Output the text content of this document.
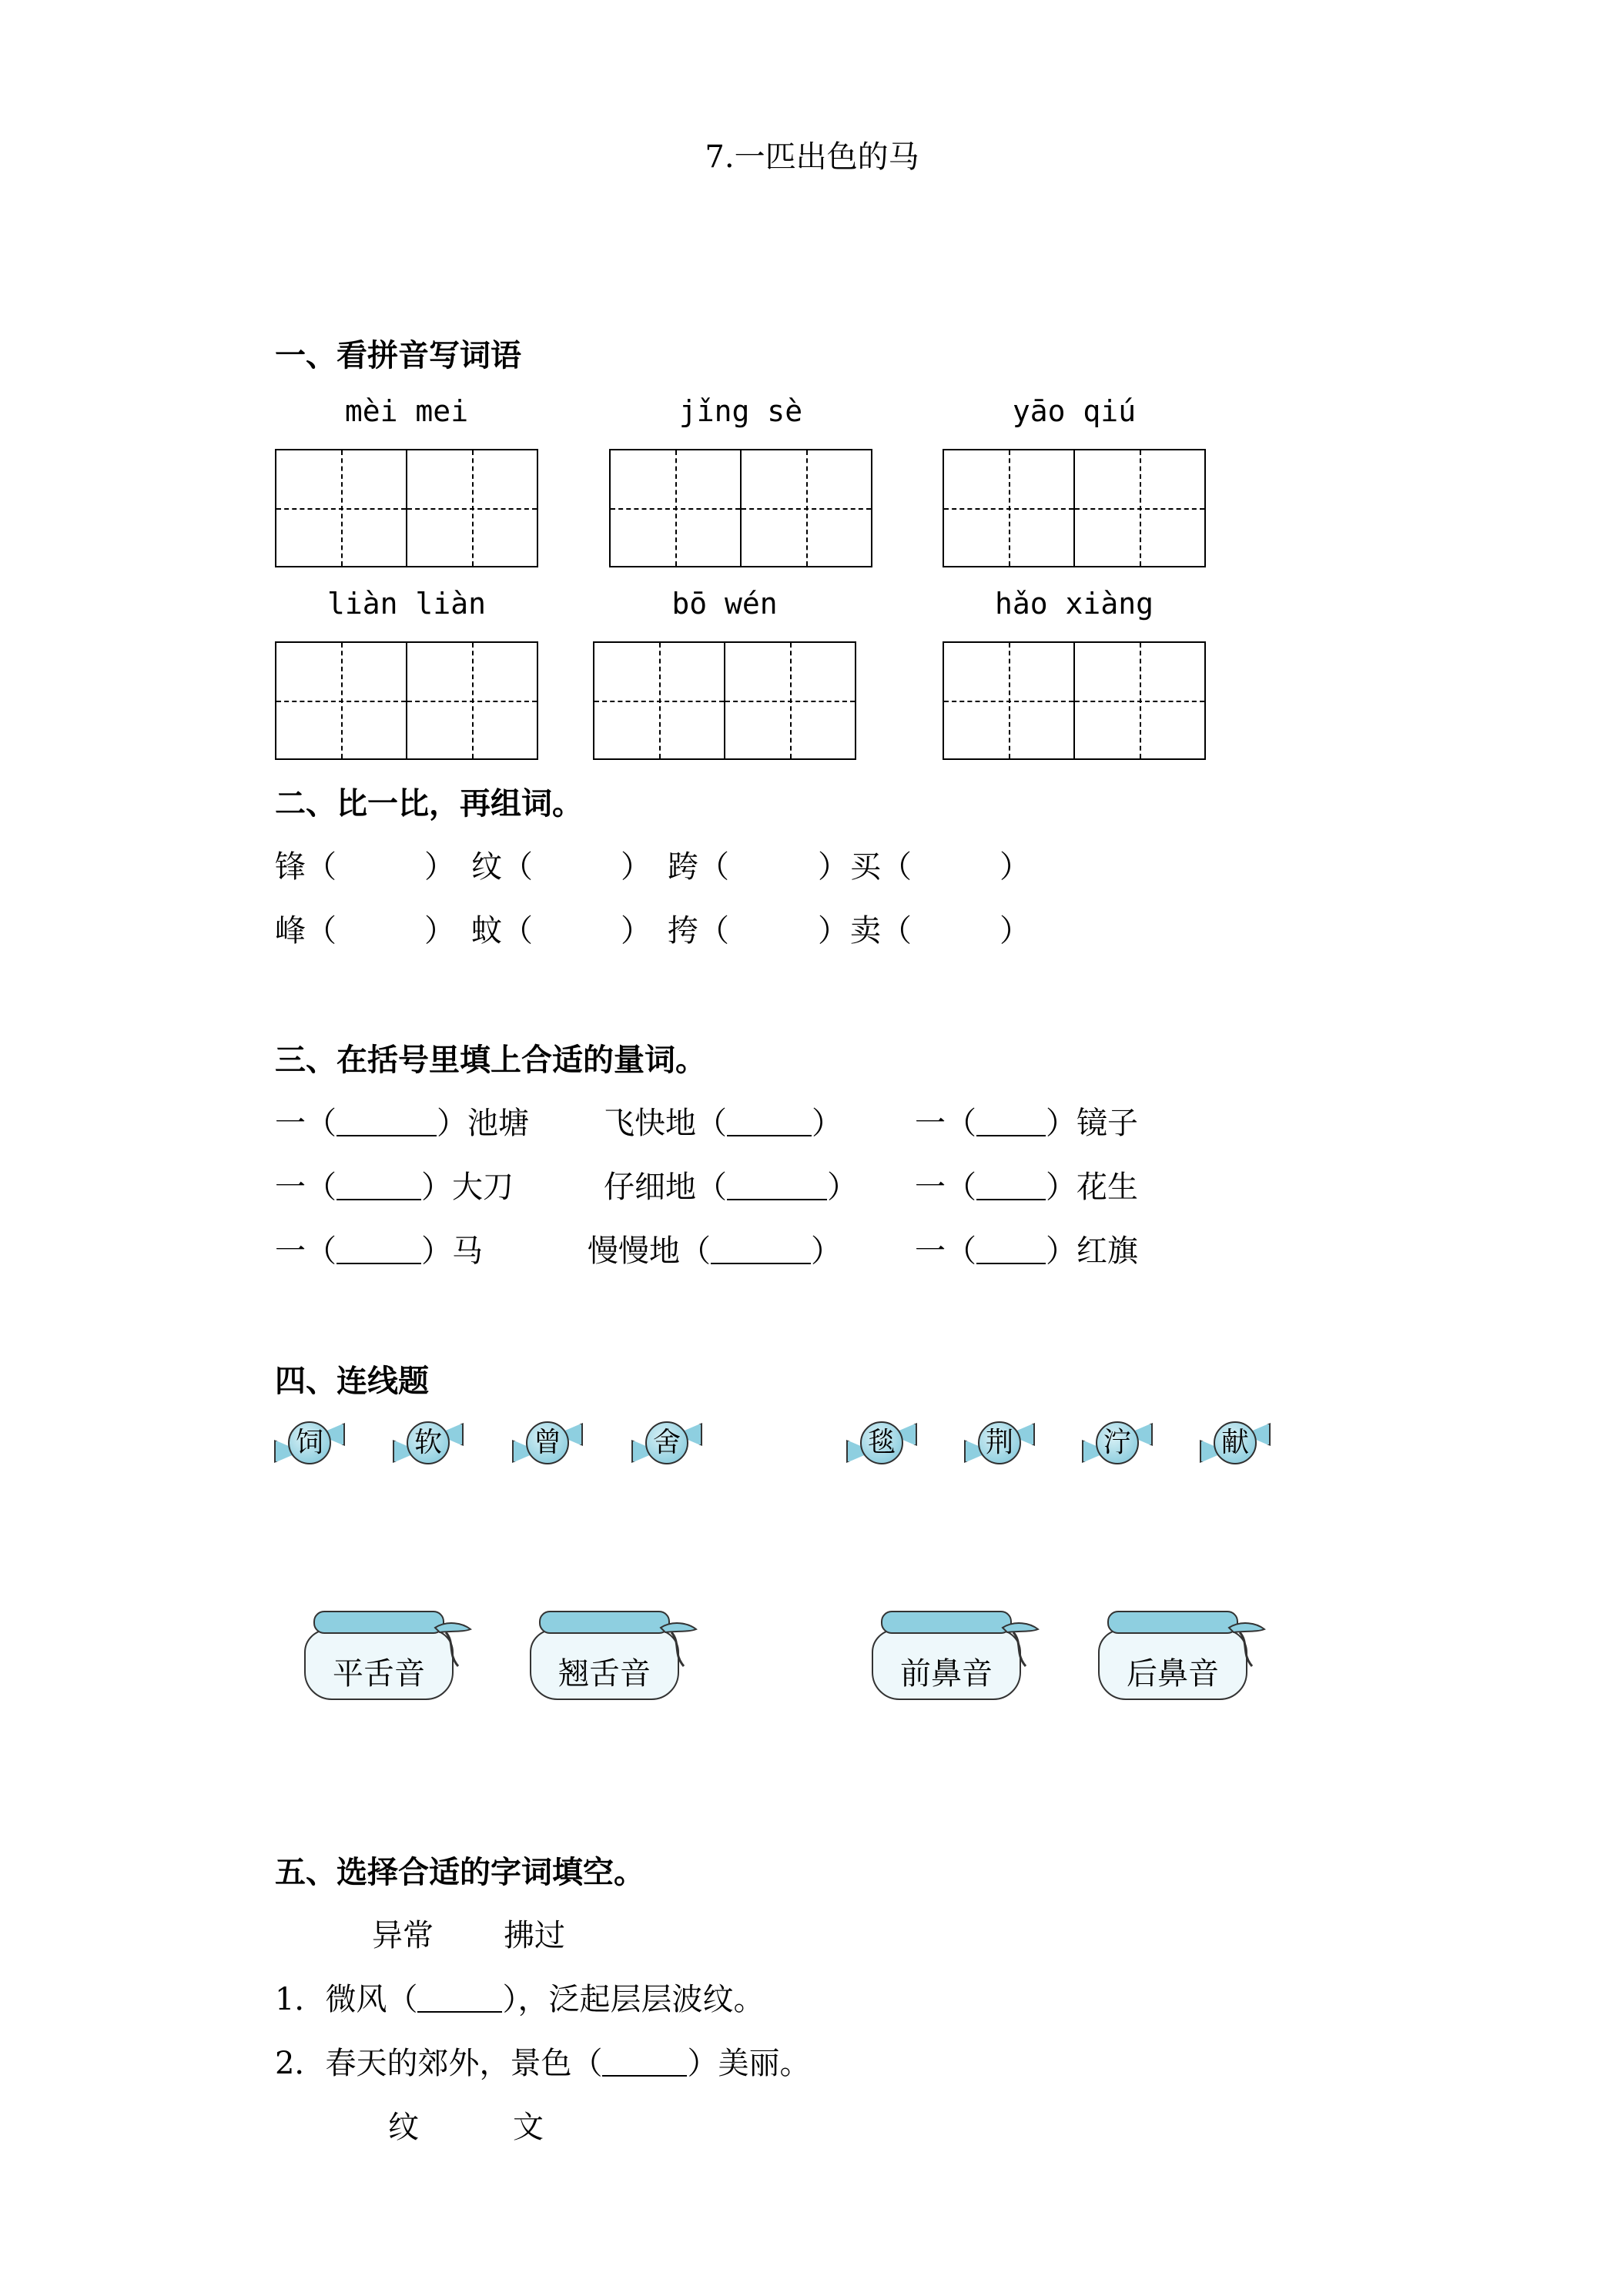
7.一匹出色的马
一、看拼音写词语
mèi mei	jǐng sè	yāo qiú
liàn liàn	bō wén	hǎo xiàng
二、比一比，再组词。
锋（	） 纹（	） 跨（	） 买（	）
峰（	） 蚊（	） 挎（	） 卖（	）
三、在括号里填上合适的量词。
一（	）池塘 飞快地（	） 一（ ）镜子
一（	）大刀	仔细地（	） 一（ ）花生
一（	）马	慢慢地（	） 一（ ）红旗
四、连线题
饲	软	曾	舍	毯	荆	泞	献
平舌音	翘舌音	前鼻音	后鼻音
五、选择合适的字词填空。
异常 拂过
1．微风（	），泛起层层波纹。
2．春天的郊外，景色（	）美丽。
纹	文
